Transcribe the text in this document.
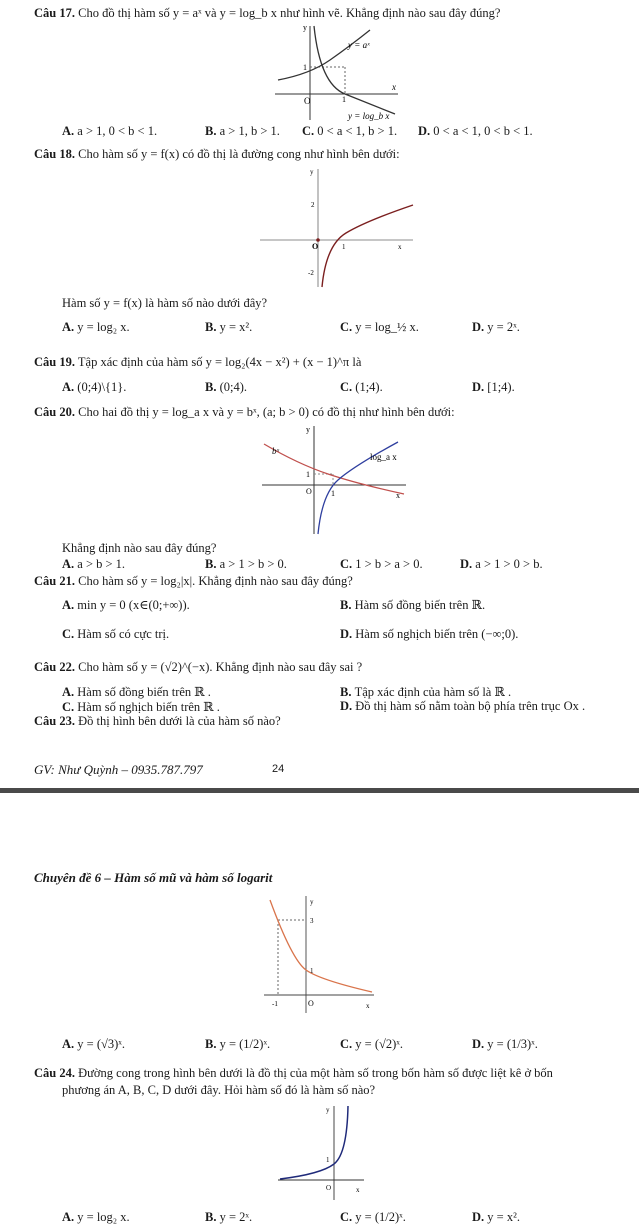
Câu 17. Cho đồ thị hàm số y = aˣ và y = log_b x như hình vẽ. Khẳng định nào sau đây đúng?
y
x
O
1
1
y = aˣ
y = log_b x
A. a > 1, 0 < b < 1.	B. a > 1, b > 1. C. 0 < a < 1, b > 1. D. 0 < a < 1, 0 < b < 1.
Câu 18. Cho hàm số y = f(x) có đồ thị là đường cong như hình bên dưới:
y
x
O
2
-2
1
Hàm số y = f(x) là hàm số nào dưới đây?
A. y = log₂ x.	B. y = x².	C. y = log_½ x.	D. y = 2ˣ.
Câu 19. Tập xác định của hàm số y = log₂(4x − x²) + (x − 1)^π là
A. (0;4)\{1}.	B. (0;4).	C. (1;4).	D. [1;4).
Câu 20. Cho hai đồ thị y = log_a x và y = bˣ, (a; b > 0) có đồ thị như hình bên dưới:
y
x
O
1
1
bˣ
log_a x
Khẳng định nào sau đây đúng?
A. a > b > 1.	B. a > 1 > b > 0.	C. 1 > b > a > 0.	D. a > 1 > 0 > b.
Câu 21. Cho hàm số y = log₂|x|. Khẳng định nào sau đây đúng?
A. min y = 0 (x∈(0;+∞)).	B. Hàm số đồng biến trên ℝ.
C. Hàm số có cực trị.	D. Hàm số nghịch biến trên (−∞;0).
Câu 22. Cho hàm số y = (√2)^(−x). Khẳng định nào sau đây sai ?
A. Hàm số đồng biến trên ℝ .	B. Tập xác định của hàm số là ℝ .
C. Hàm số nghịch biến trên ℝ .	D. Đồ thị hàm số nằm toàn bộ phía trên trục Ox .
Câu 23. Đồ thị hình bên dưới là của hàm số nào?
GV: Như Quỳnh – 0935.787.797	24
Chuyên đề 6 – Hàm số mũ và hàm số logarit
y
x
O
3
1
-1
A. y = (√3)ˣ.	B. y = (1/2)ˣ.	C. y = (√2)ˣ.	D. y = (1/3)ˣ.
Câu 24. Đường cong trong hình bên dưới là đồ thị của một hàm số trong bốn hàm số được liệt kê ở bốn
phương án A, B, C, D dưới đây. Hỏi hàm số đó là hàm số nào?
y
x
O
1
A. y = log₂ x.	B. y = 2ˣ.	C. y = (1/2)ˣ.	D. y = x².
